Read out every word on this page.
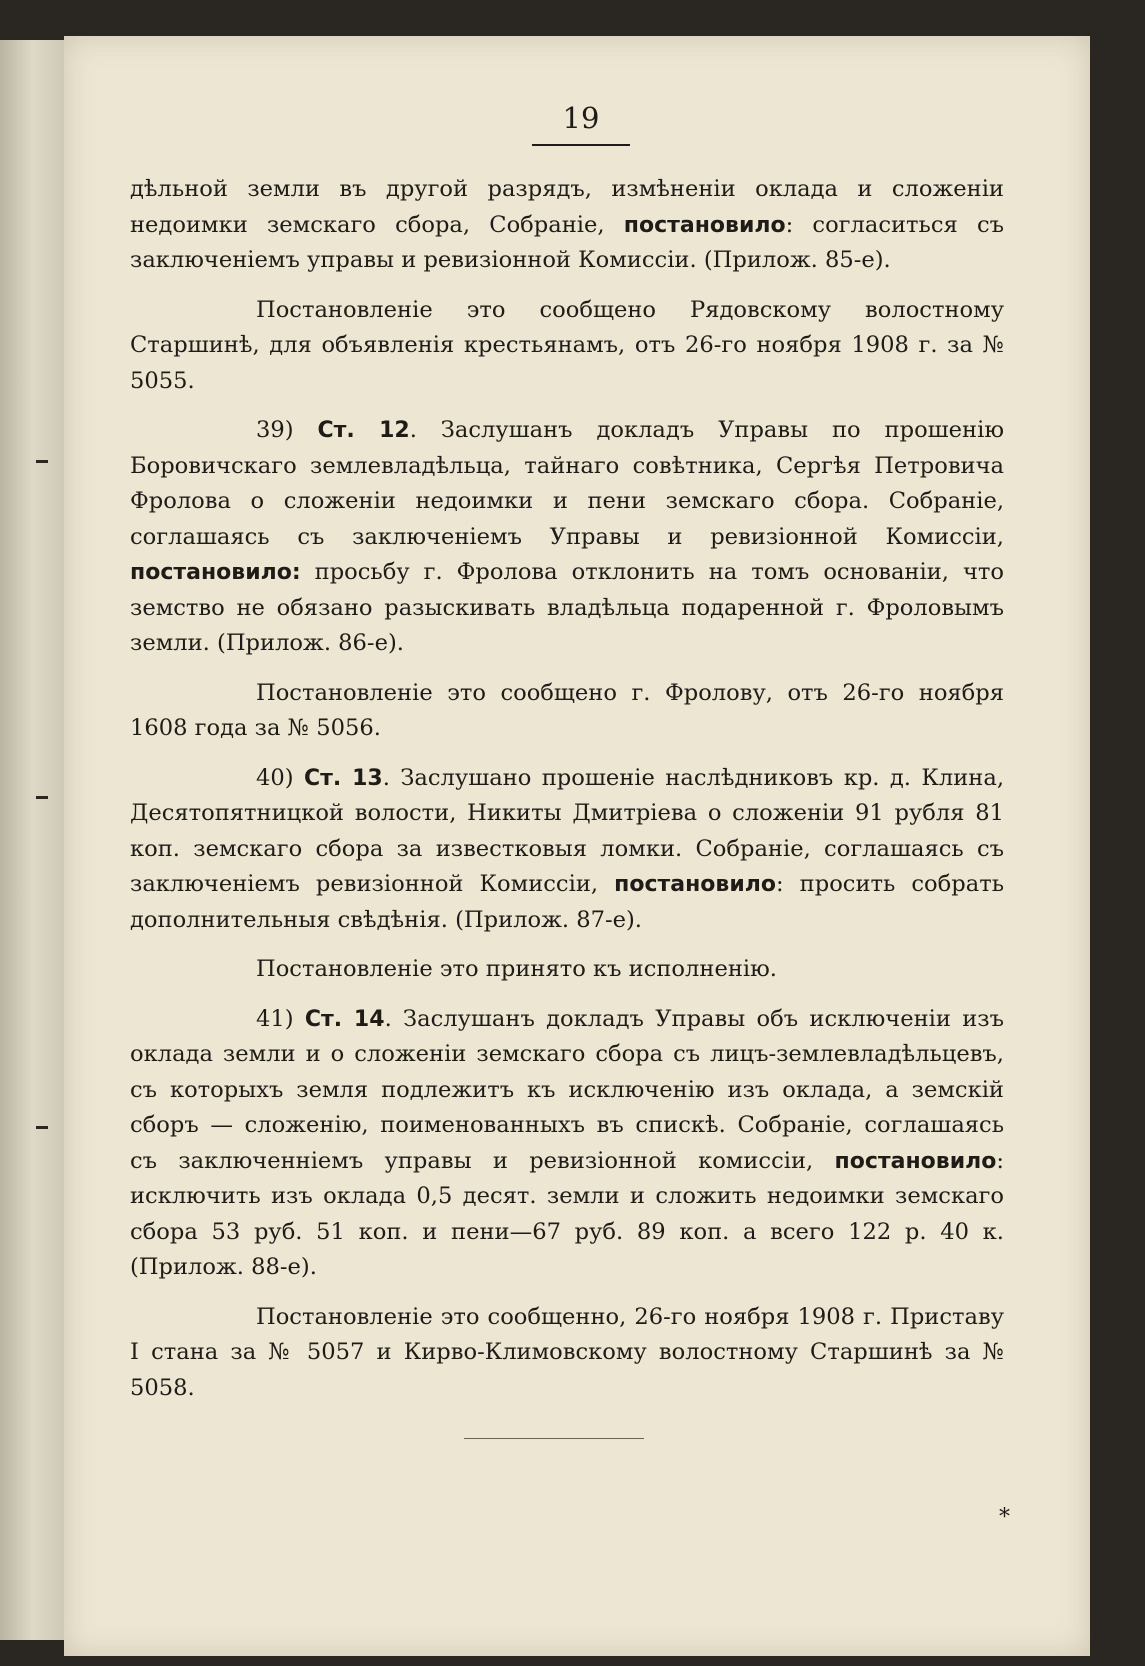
19

дѣльной земли въ другой разрядъ, измѣненіи оклада и сложеніи недоимки земскаго сбора, Собраніе, постановило: согласиться съ заключеніемъ управы и ревизіонной Комиссіи. (Прилож. 85-е).

Постановленіе это сообщено Рядовскому волостному Старшинѣ, для объявленія крестьянамъ, отъ 26-го ноября 1908 г. за № 5055.

39) Ст. 12. Заслушанъ докладъ Управы по прошенію Боровичскаго землевладѣльца, тайнаго совѣтника, Сергѣя Петровича Фролова о сложеніи недоимки и пени земскаго сбора. Собраніе, соглашаясь съ заключеніемъ Управы и ревизіонной Комиссіи, постановило: просьбу г. Фролова отклонить на томъ основаніи, что земство не обязано разыскивать владѣльца подаренной г. Фроловымъ земли. (Прилож. 86-е).

Постановленіе это сообщено г. Фролову, отъ 26-го ноября 1608 года за № 5056.

40) Ст. 13. Заслушано прошеніе наслѣдниковъ кр. д. Клина, Десятопятницкой волости, Никиты Дмитріева о сложеніи 91 рубля 81 коп. земскаго сбора за известковыя ломки. Собраніе, соглашаясь съ заключеніемъ ревизіонной Комиссіи, постановило: просить собрать дополнительныя свѣдѣнія. (Прилож. 87-е).

Постановленіе это принято къ исполненію.

41) Ст. 14. Заслушанъ докладъ Управы объ исключеніи изъ оклада земли и о сложеніи земскаго сбора съ лицъ-землевладѣльцевъ, съ которыхъ земля подлежитъ къ исключенію изъ оклада, а земскій сборъ — сложенію, поименованныхъ въ спискѣ. Собраніе, соглашаясь съ заключенніемъ управы и ревизіонной комиссіи, постановило: исключить изъ оклада 0,5 десят. земли и сложить недоимки земскаго сбора 53 руб. 51 коп. и пени—67 руб. 89 коп. а всего 122 р. 40 к. (Прилож. 88-е).

Постановленіе это сообщенно, 26-го ноября 1908 г. Приставу I стана за № 5057 и Кирво-Климовскому волостному Старшинѣ за № 5058.

*
